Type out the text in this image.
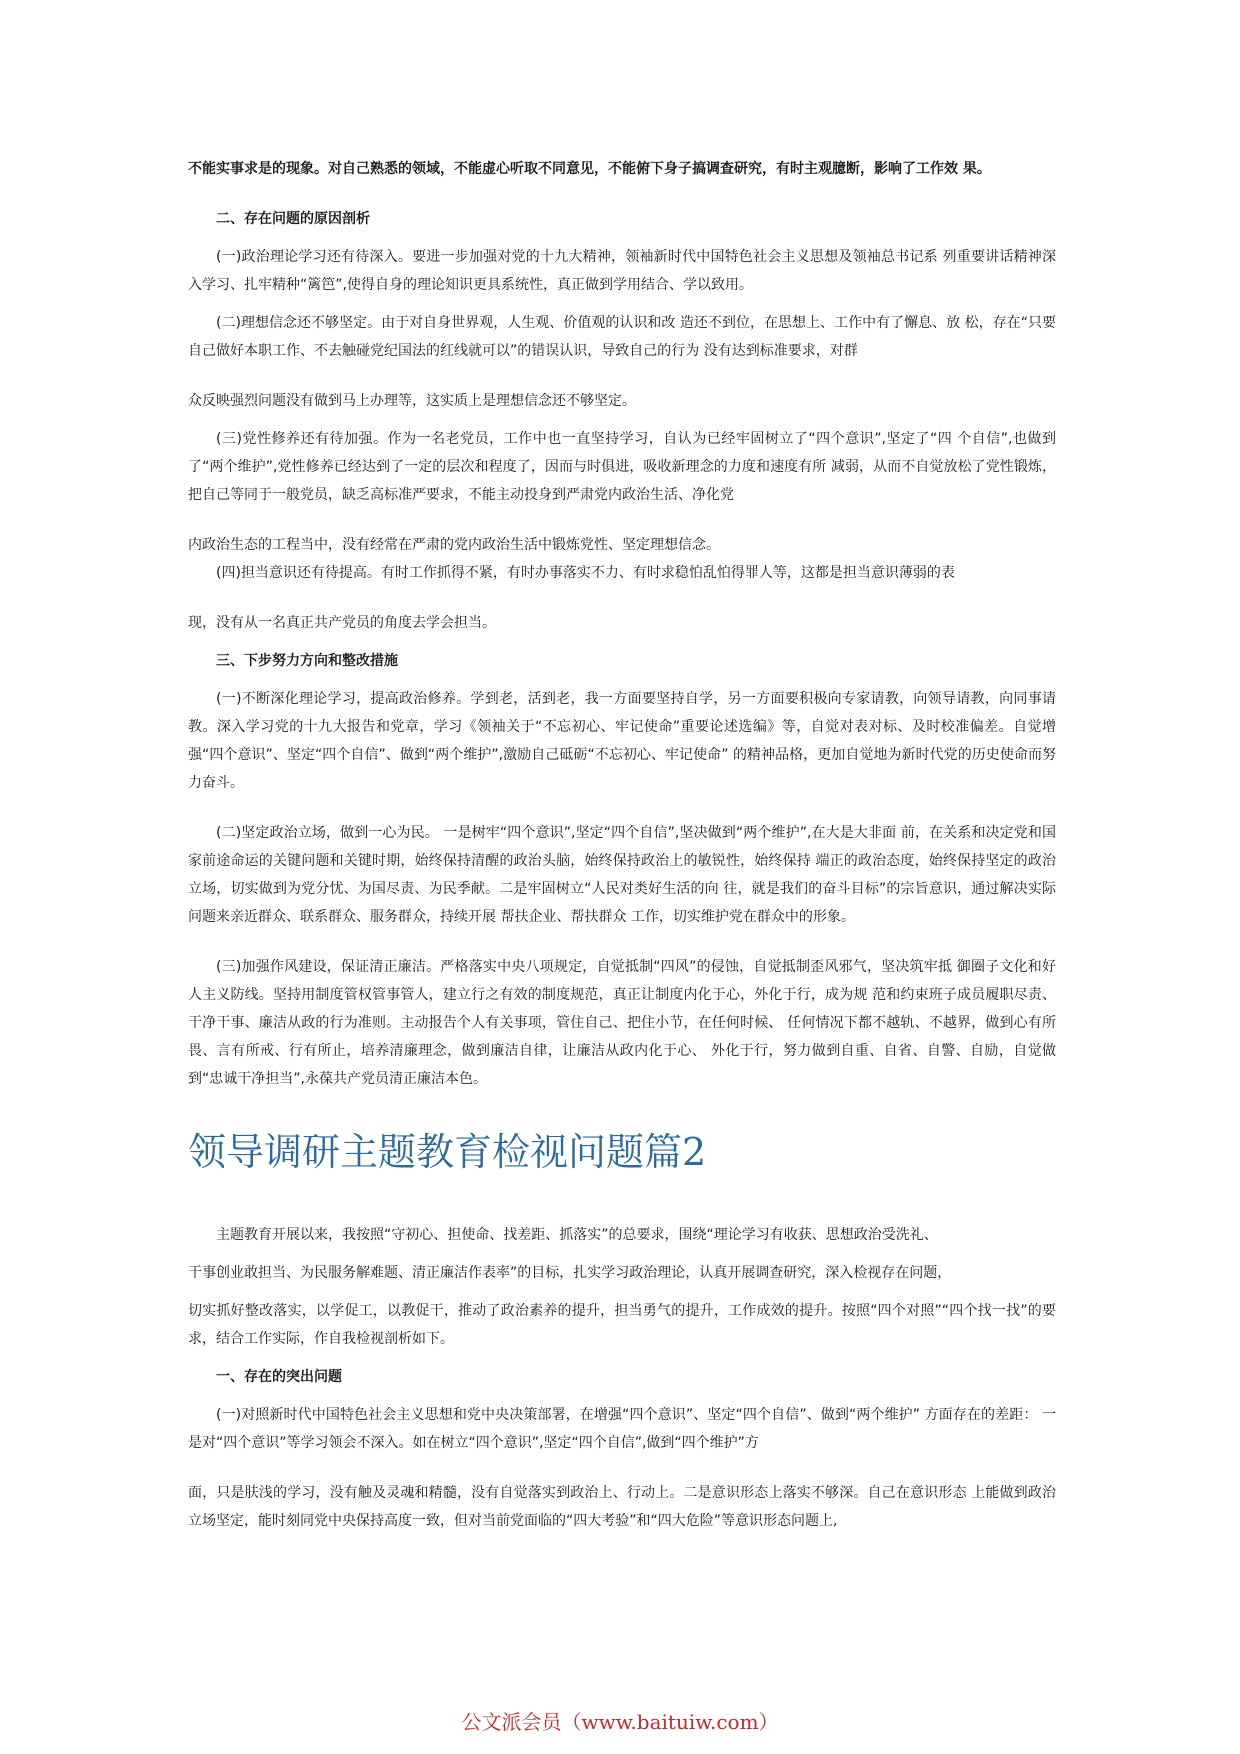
不能实事求是的现象。对自己熟悉的领域，不能虚心听取不同意见，不能俯下身子搞调查研究，有时主观臆断，影响了工作效 果。

二、存在问题的原因剖析

(一)政治理论学习还有待深入。要进一步加强对党的十九大精神，领袖新时代中国特色社会主义思想及领袖总书记系 列重要讲话精神深入学习、扎牢精种“篱笆”,使得自身的理论知识更具系统性，真正做到学用结合、学以致用。

(二)理想信念还不够坚定。由于对自身世界观，人生观、价值观的认识和改 造还不到位，在思想上、工作中有了懈息、放 松，存在“只要自己做好本职工作、不去触碰党纪国法的红线就可以”的错误认识，导致自己的行为 没有达到标准要求，对群

众反映强烈问题没有做到马上办理等，这实质上是理想信念还不够坚定。

(三)党性修养还有待加强。作为一名老党员，工作中也一直坚持学习，自认为已经牢固树立了“四个意识”,坚定了“四 个自信”,也做到了“两个维护”,党性修养已经达到了一定的层次和程度了，因而与时俱进，吸收新理念的力度和速度有所 减弱，从而不自觉放松了党性锻炼，把自己等同于一般党员，缺乏高标准严要求，不能主动投身到严肃党内政治生活、净化党

内政治生态的工程当中，没有经常在严肃的党内政治生活中锻炼党性、坚定理想信念。

(四)担当意识还有待提高。有时工作抓得不紧，有时办事落实不力、有时求稳怕乱怕得罪人等，这都是担当意识薄弱的表

现，没有从一名真正共产党员的角度去学会担当。

三、下步努力方向和整改措施

(一)不断深化理论学习，提高政治修养。学到老，活到老，我一方面要坚持自学，另一方面要积极向专家请教，向领导请教，向同事请教。深入学习党的十九大报告和党章，学习《领袖关于“不忘初心、牢记使命”重要论述选编》等，自觉对表对标、及时校准偏差。自觉增强“四个意识”、坚定“四个自信”、做到“两个维护”,激励自己砥砺“不忘初心、牢记使命” 的精神品格，更加自觉地为新时代党的历史使命而努力奋斗。

(二)坚定政治立场，做到一心为民。 一是树牢“四个意识”,坚定“四个自信”,坚决做到“两个维护”,在大是大非面 前，在关系和决定党和国家前途命运的关键问题和关键时期，始终保持清醒的政治头脑，始终保持政治上的敏锐性，始终保持 端正的政治态度，始终保持坚定的政治立场，切实做到为党分忧、为国尽责、为民季献。二是牢固树立“人民对类好生活的向 往，就是我们的奋斗目标”的宗旨意识，通过解决实际问题来亲近群众、联系群众、服务群众，持续开展 帮扶企业、帮扶群众 工作，切实维护党在群众中的形象。

(三)加强作风建设，保证清正廉洁。严格落实中央八项规定，自觉抵制“四风”的侵蚀，自觉抵制歪风邪气，坚决筑牢抵 御圈子文化和好人主义防线。坚持用制度管权管事管人，建立行之有效的制度规范，真正让制度内化于心，外化于行，成为规 范和约束班子成员履职尽责、干净干事、廉洁从政的行为准则。主动报告个人有关事项，管住自己、把住小节，在任何时候、 任何情况下都不越轨、不越界，做到心有所畏、言有所戒、行有所止，培养清廉理念，做到廉洁自律，让廉洁从政内化于心、 外化于行，努力做到自重、自省、自警、自励，自觉做到“忠诚干净担当”,永葆共产党员清正廉洁本色。

领导调研主题教育检视问题篇2

主题教育开展以来，我按照“守初心、担使命、找差距、抓落实”的总要求，围绕“理论学习有收获、思想政治受洗礼、

干事创业敢担当、为民服务解难题、清正廉洁作表率”的目标，扎实学习政治理论，认真开展调查研究，深入检视存在问题，

切实抓好整改落实，以学促工，以教促干，推动了政治素养的提升，担当勇气的提升，工作成效的提升。按照“四个对照”“四个找一找”的要求，结合工作实际，作自我检视剖析如下。

一、存在的突出问题

(一)对照新时代中国特色社会主义思想和党中央决策部署，在增强“四个意识”、坚定“四个自信”、做到“两个维护” 方面存在的差距： 一是对“四个意识”等学习领会不深入。如在树立“四个意识”,坚定“四个自信”,做到“四个维护”方

面，只是肤浅的学习，没有触及灵魂和精髓，没有自觉落实到政治上、行动上。二是意识形态上落实不够深。自己在意识形态 上能做到政治立场坚定，能时刻同党中央保持高度一致，但对当前党面临的“四大考验”和“四大危险”等意识形态问题上,

公文派会员（www.baituiw.com）
